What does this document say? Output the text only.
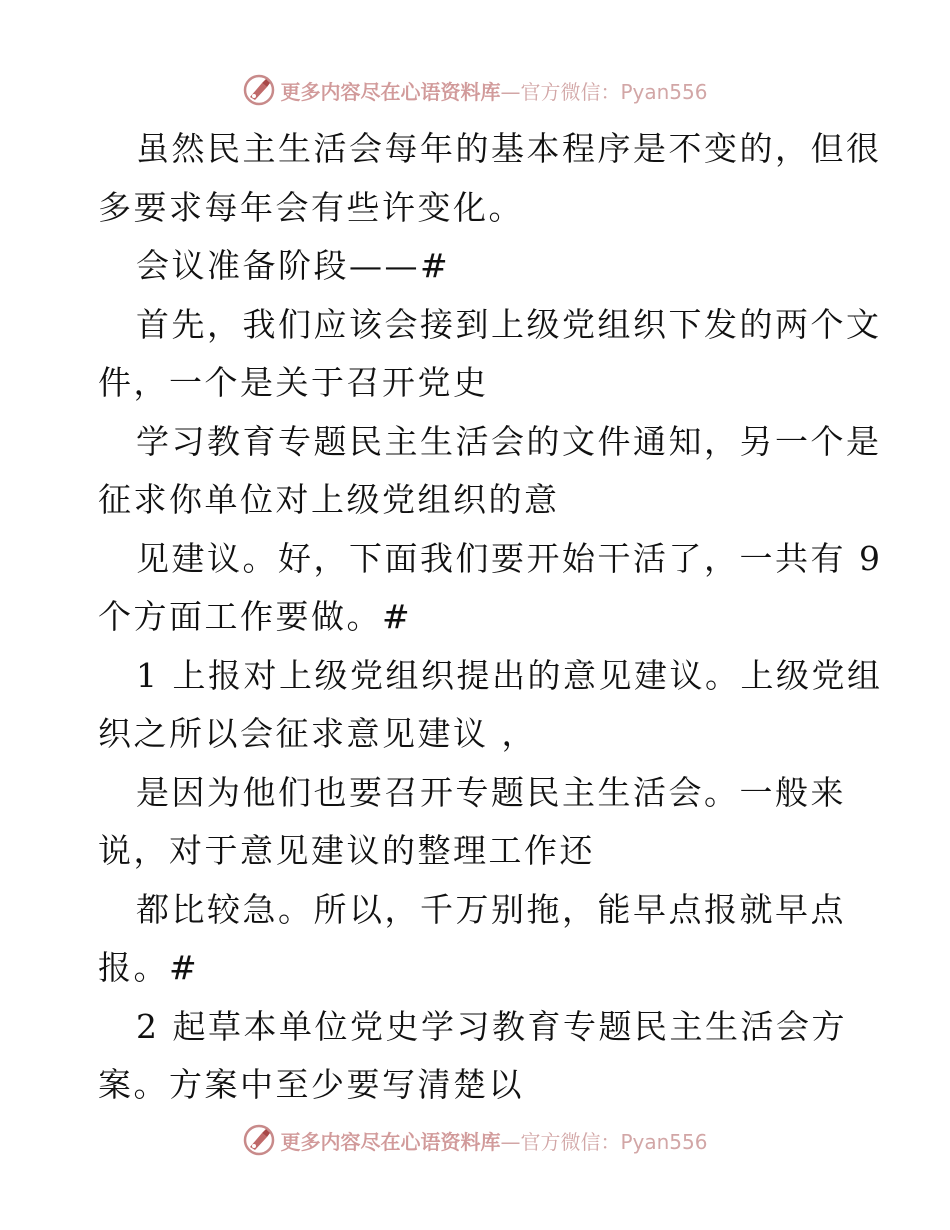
更多内容尽在心语资料库 —官方微信：Pyan556

虽然民主生活会每年的基本程序是不变的，但很
多要求每年会有些许变化。

会议准备阶段——#

首先，我们应该会接到上级党组织下发的两个文
件，一个是关于召开党史

学习教育专题民主生活会的文件通知，另一个是
征求你单位对上级党组织的意

见建议。好，下面我们要开始干活了，一共有 9
个方面工作要做。#

1 上报对上级党组织提出的意见建议。上级党组
织之所以会征求意见建议 ，

是因为他们也要召开专题民主生活会。一般来
说，对于意见建议的整理工作还

都比较急。所以，千万别拖，能早点报就早点
报。#

2 起草本单位党史学习教育专题民主生活会方
案。方案中至少要写清楚以

更多内容尽在心语资料库 —官方微信：Pyan556
